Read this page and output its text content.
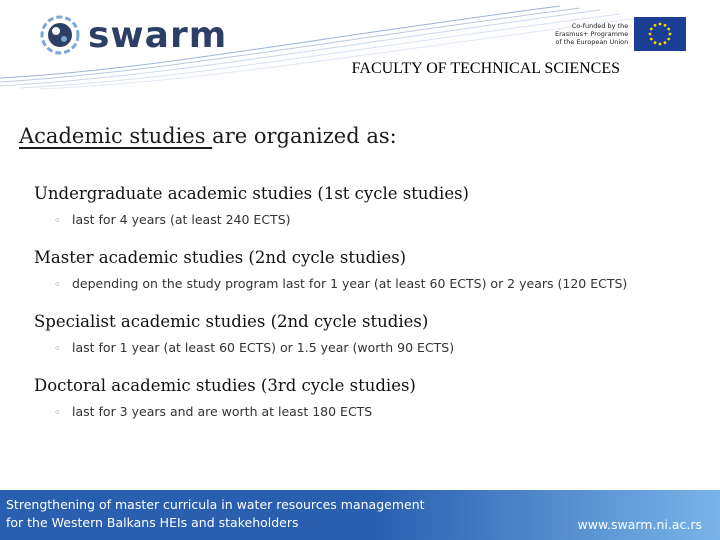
swarm	Co-funded by the
Erasmus+ Programme
of the European Union
FACULTY OF TECHNICAL SCIENCES
Academic studies are organized as:
Undergraduate academic studies (1st cycle studies)
◦ last for 4 years (at least 240 ECTS)
Master academic studies (2nd cycle studies)
◦ depending on the study program last for 1 year (at least 60 ECTS) or 2 years (120 ECTS)
Specialist academic studies (2nd cycle studies)
◦ last for 1 year (at least 60 ECTS) or 1.5 year (worth 90 ECTS)
Doctoral academic studies (3rd cycle studies)
◦ last for 3 years and are worth at least 180 ECTS
Strengthening of master curricula in water resources management
for the Western Balkans HEIs and stakeholders	www.swarm.ni.ac.rs
